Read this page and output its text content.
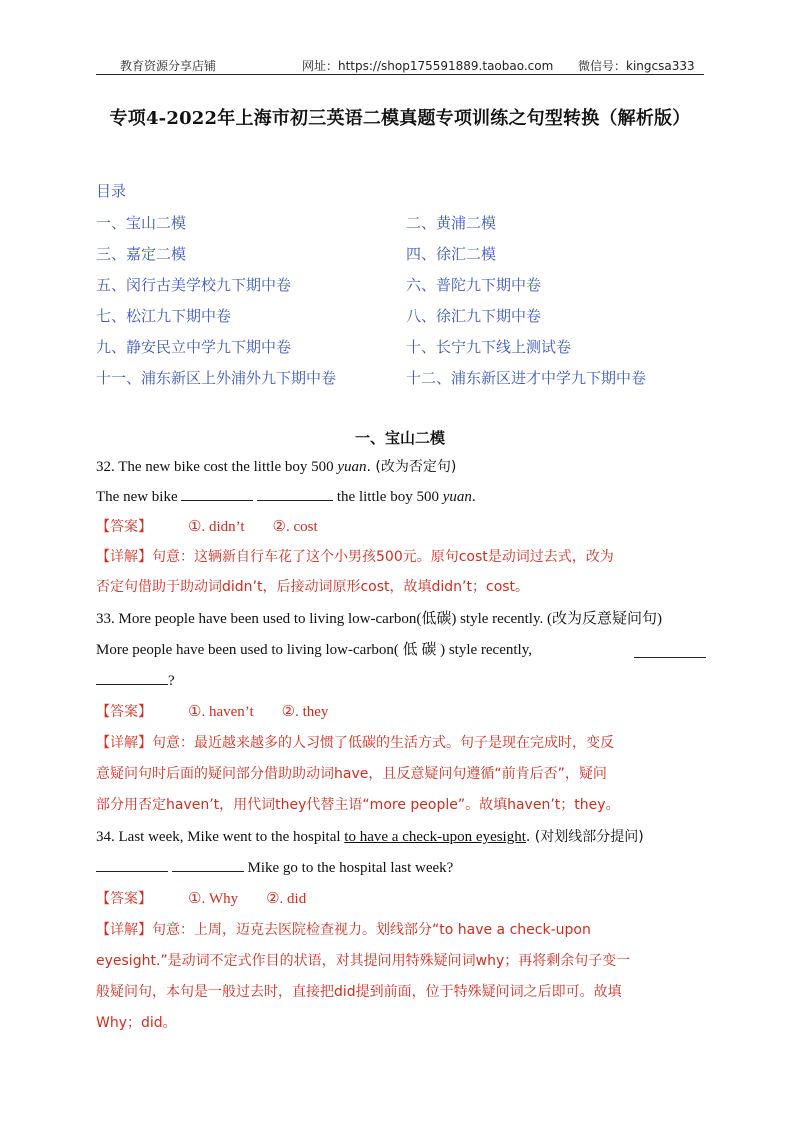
教育资源分享店铺	网址：https://shop175591889.taobao.com 微信号：kingcsa333
专项4-2022年上海市初三英语二模真题专项训练之句型转换（解析版）
目录
一、宝山二模	二、黄浦二模
三、嘉定二模	四、徐汇二模
五、闵行古美学校九下期中卷	六、普陀九下期中卷
七、松江九下期中卷	八、徐汇九下期中卷
九、静安民立中学九下期中卷	十、长宁九下线上测试卷
十一、浦东新区上外浦外九下期中卷	十二、浦东新区进才中学九下期中卷
一、宝山二模
32. The new bike cost the little boy 500 yuan. (改为否定句)
The new bike	the little boy 500 yuan.
【答案】 ①. didn’t ②. cost
【详解】句意：这辆新自行车花了这个小男孩500元。原句cost是动词过去式，改为
否定句借助于助动词didn’t，后接动词原形cost，故填didn’t；cost。
33. More people have been used to living low-carbon(低碳) style recently. (改为反意疑问句)
More people have been used to living low-carbon( 低 碳 ) style recently,
?
【答案】 ①. haven’t ②. they
【详解】句意：最近越来越多的人习惯了低碳的生活方式。句子是现在完成时，变反
意疑问句时后面的疑问部分借助助动词have，且反意疑问句遵循“前肯后否”，疑问
部分用否定haven’t，用代词they代替主语“more people”。故填haven’t；they。
34. Last week, Mike went to the hospital to have a check-upon eyesight. (对划线部分提问)
Mike go to the hospital last week?
【答案】 ①. Why ②. did
【详解】句意：上周，迈克去医院检查视力。划线部分“to have a check-upon
eyesight.”是动词不定式作目的状语，对其提问用特殊疑问词why；再将剩余句子变一
般疑问句，本句是一般过去时，直接把did提到前面，位于特殊疑问词之后即可。故填
Why；did。
